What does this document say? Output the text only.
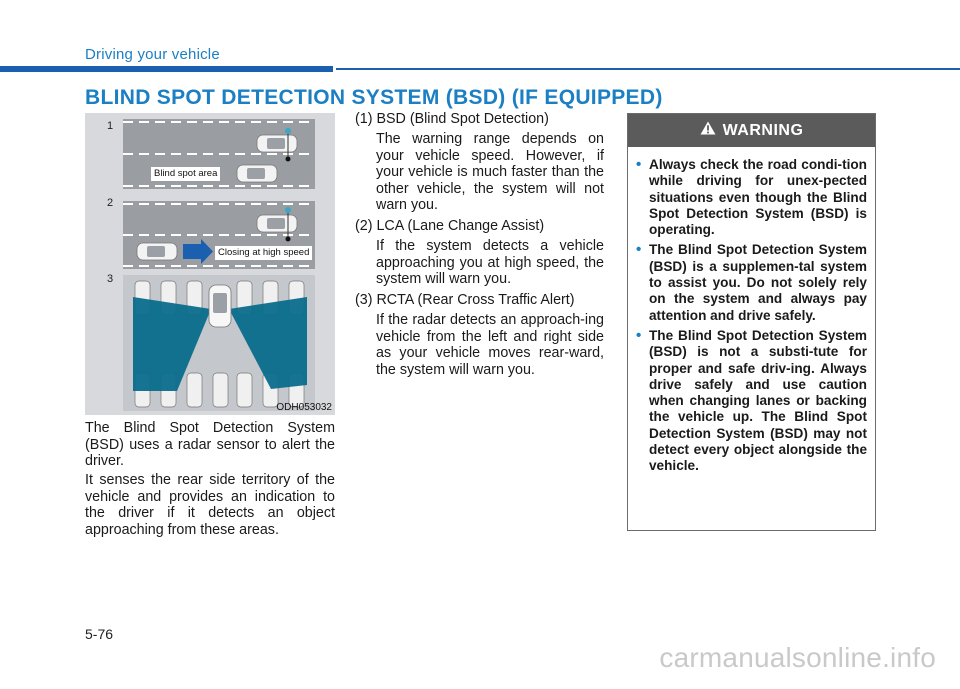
Driving your vehicle
BLIND SPOT DETECTION SYSTEM (BSD) (IF EQUIPPED)
1
2
3
Blind spot area
Closing at high speed
ODH053032

The Blind Spot Detection System (BSD) uses a radar sensor to alert the driver.

It senses the rear side territory of the vehicle and provides an indication to the driver if it detects an object approaching from these areas.

(1) BSD (Blind Spot Detection)

The warning range depends on your vehicle speed. However, if your vehicle is much faster than the other vehicle, the system will not warn you.

(2) LCA (Lane Change Assist)

If the system detects a vehicle approaching you at high speed, the system will warn you.

(3) RCTA (Rear Cross Traffic Alert)

If the radar detects an approach-ing vehicle from the left and right side as your vehicle moves rear-ward, the system will warn you.

WARNING
• Always check the road condi-tion while driving for unex-pected situations even though the Blind Spot Detection System (BSD) is operating.
• The Blind Spot Detection System (BSD) is a supplemen-tal system to assist you. Do not solely rely on the system and always pay attention and drive safely.
• The Blind Spot Detection System (BSD) is not a substi-tute for proper and safe driv-ing. Always drive safely and use caution when changing lanes or backing the vehicle up. The Blind Spot Detection System (BSD) may not detect every object alongside the vehicle.
5-76
carmanualsonline.info
